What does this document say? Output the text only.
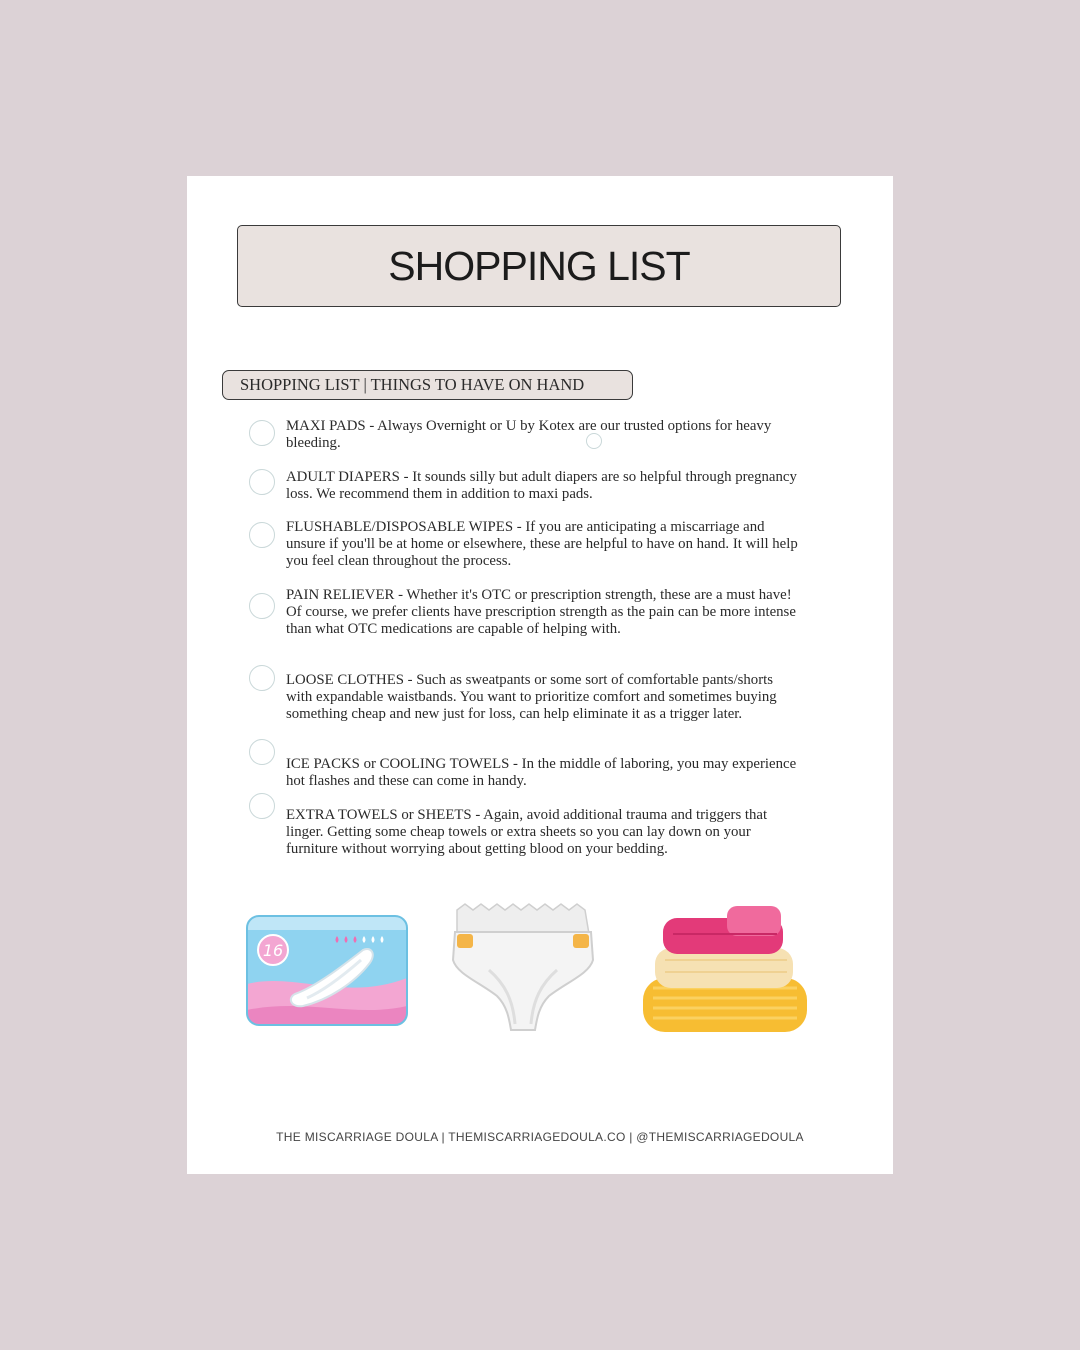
SHOPPING LIST
SHOPPING LIST | THINGS TO HAVE ON HAND
MAXI PADS - Always Overnight or U by Kotex are our trusted options for heavy bleeding.
ADULT DIAPERS - It sounds silly but adult diapers are so helpful through pregnancy loss. We recommend them in addition to maxi pads.
FLUSHABLE/DISPOSABLE WIPES - If you are anticipating a miscarriage and unsure if you'll be at home or elsewhere, these are helpful to have on hand. It will help you feel clean throughout the process.
PAIN RELIEVER - Whether it's OTC or prescription strength, these are a must have! Of course, we prefer clients have prescription strength as the pain can be more intense than what OTC medications are capable of helping with.
LOOSE CLOTHES - Such as sweatpants or some sort of comfortable pants/shorts with expandable waistbands. You want to prioritize comfort and sometimes buying something cheap and new just for loss, can help eliminate it as a trigger later.
ICE PACKS or COOLING TOWELS - In the middle of laboring, you may experience hot flashes and these can come in handy.
EXTRA TOWELS or SHEETS - Again, avoid additional trauma and triggers that linger. Getting some cheap towels or extra sheets so you can lay down on your furniture without worrying about getting blood on your bedding.
16
THE MISCARRIAGE DOULA | THEMISCARRIAGEDOULA.CO | @THEMISCARRIAGEDOULA
